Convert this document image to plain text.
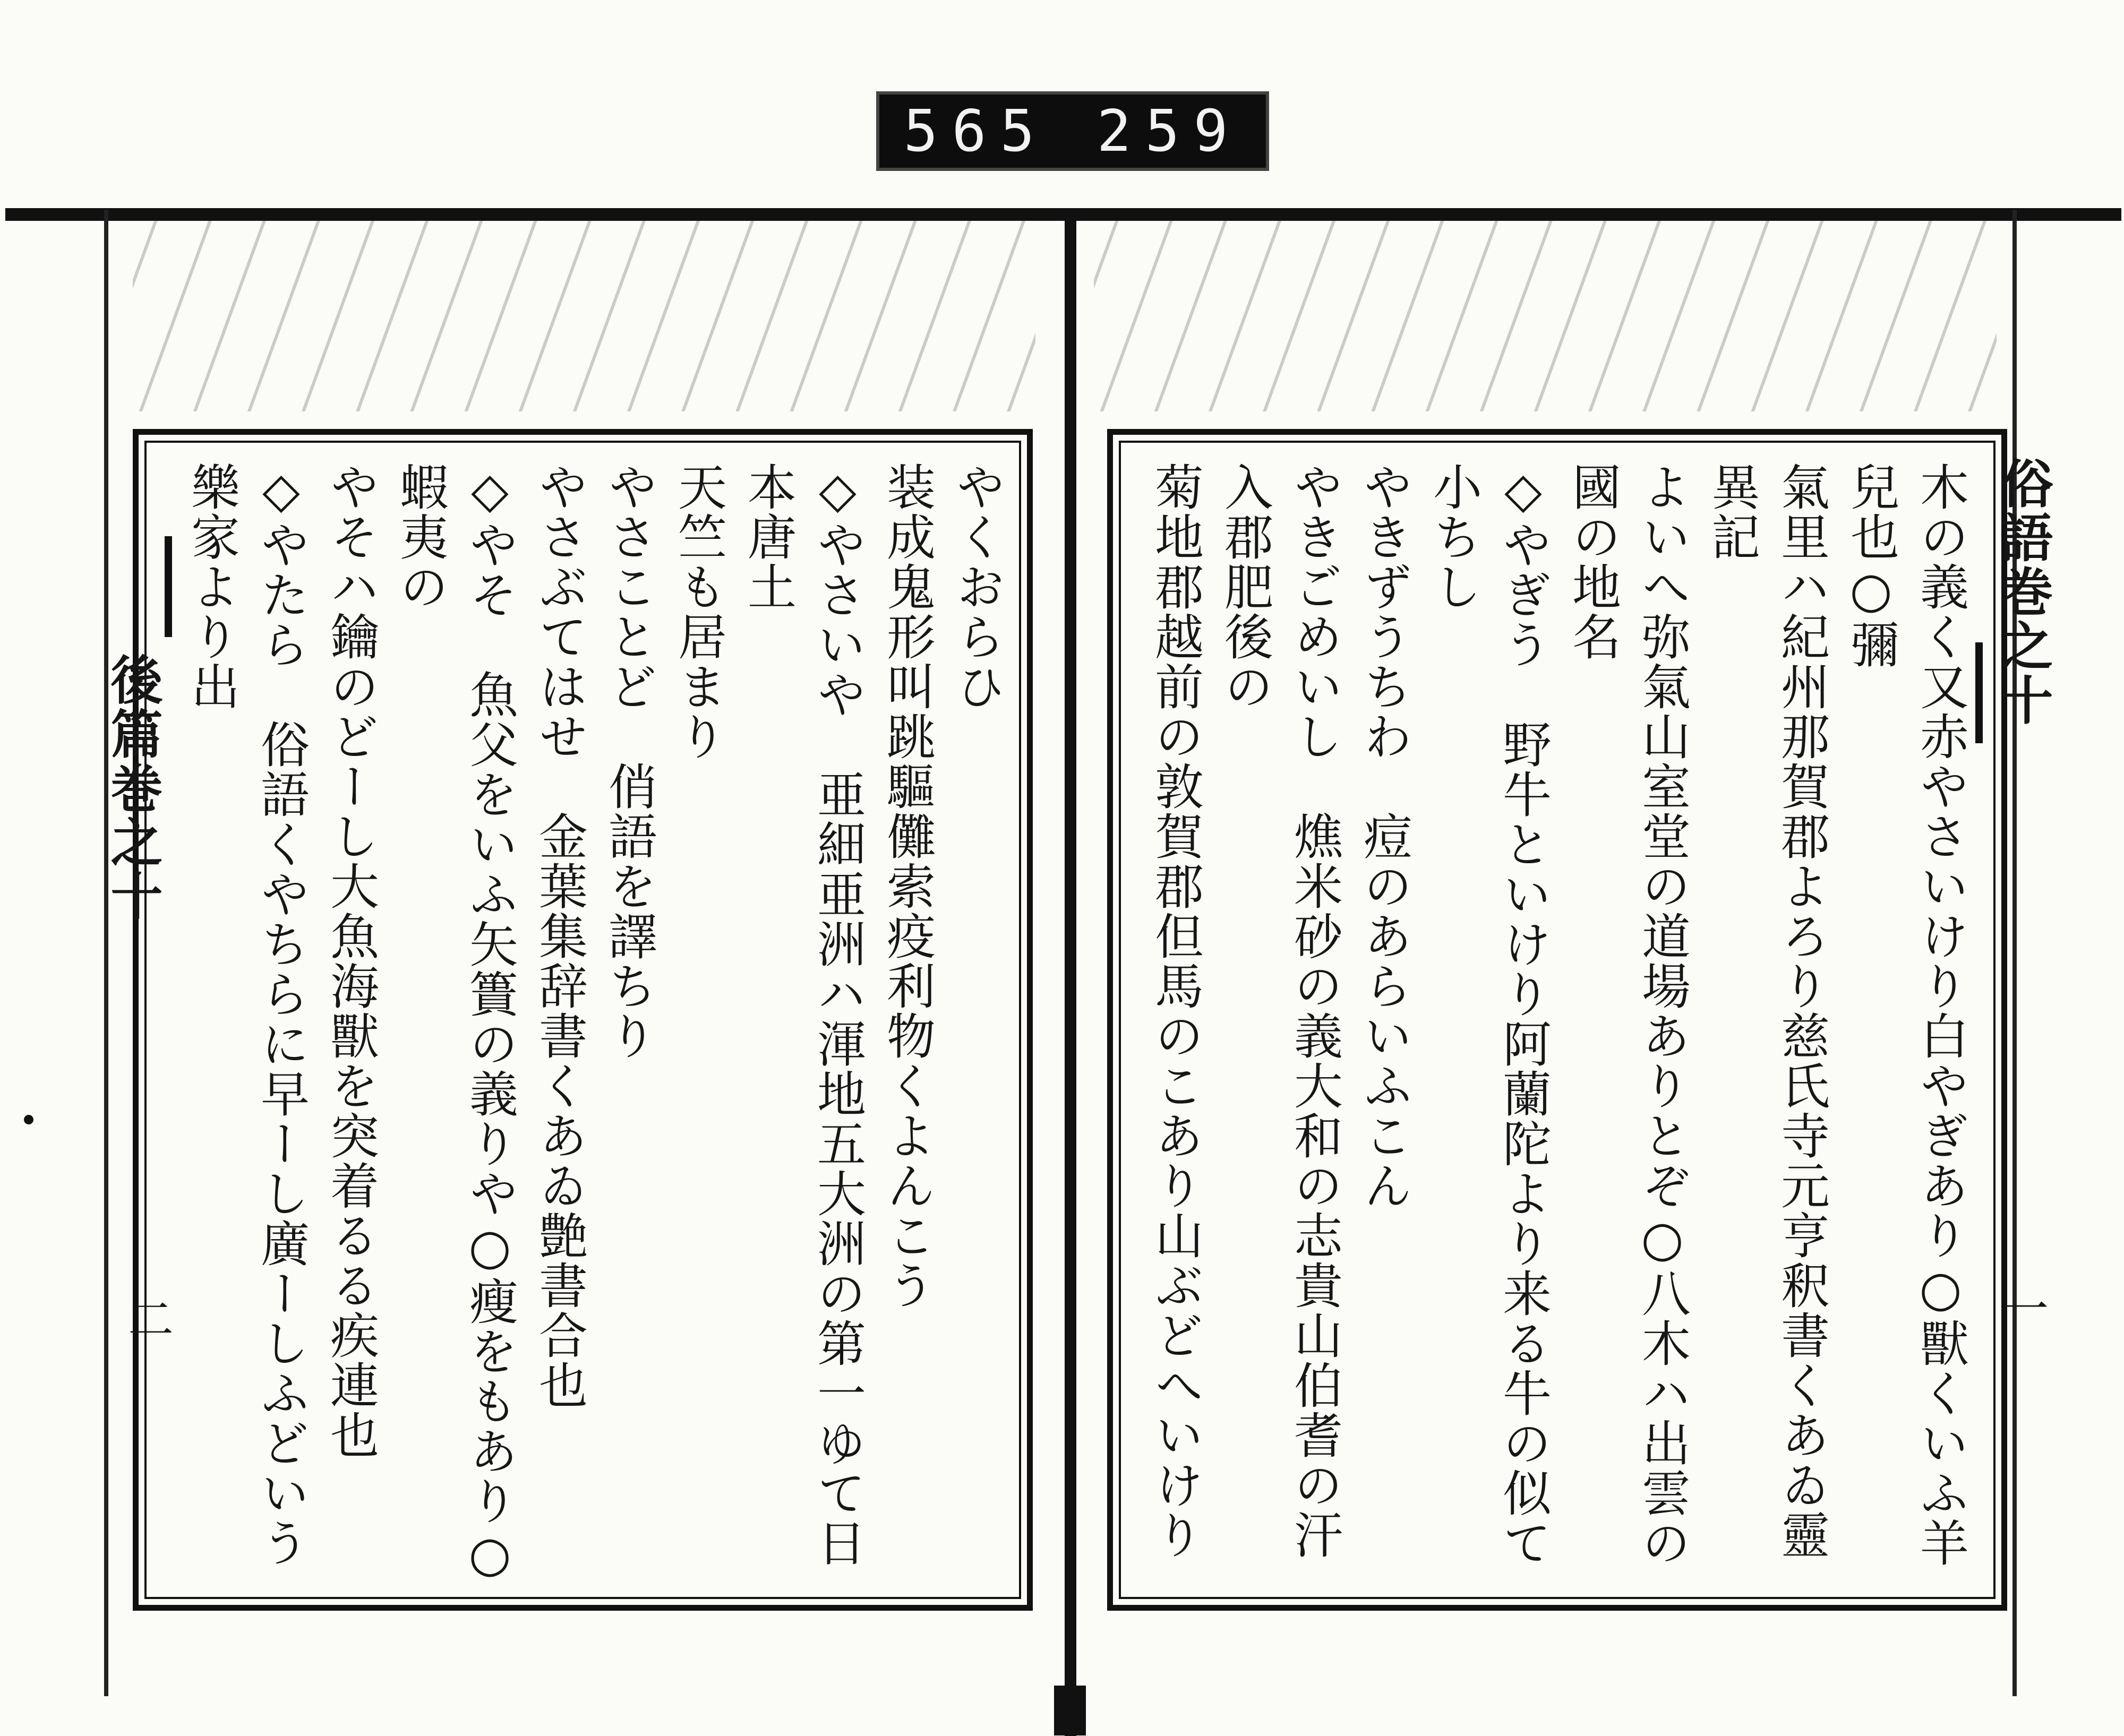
565 259
後篇巻之十
二
やくおらひ
装成鬼形叫跳驅儺索疫利物くよんこう
◇やさいや　亜細亜洲ハ渾地五大洲の第一ゆて日本唐土
天竺も居まり
やさことど　俏語を譯ちり
やさぶてはせ　金葉集辞書くあゐ艶書合也
◇やそ　魚父をいふ矢簣の義りや○瘦をもあり○蝦夷の
やそハ鑰のどーし大魚海獸を突着るる疾連也
◇やたら　俗語くやちらに早ーし廣ーしふどいう樂家より出

　	俗語巻之十
一
木の義く又赤やさいけり白やぎあり○獸くいふ羊兒也○彌
氣里ハ紀州那賀郡よろり慈氏寺元亨釈書くあゐ靈異記
よいへ弥氣山室堂の道場ありとぞ○八木ハ出雲の國の地名
◇やぎう　野牛といけり阿蘭陀より来る牛の似て小ちし
やきずうちわ　痘のあらいふこん
やきごめいし　燋米砂の義大和の志貴山伯耆の汗入郡肥後の
菊地郡越前の敦賀郡但馬のこあり山ぶどへいけり
